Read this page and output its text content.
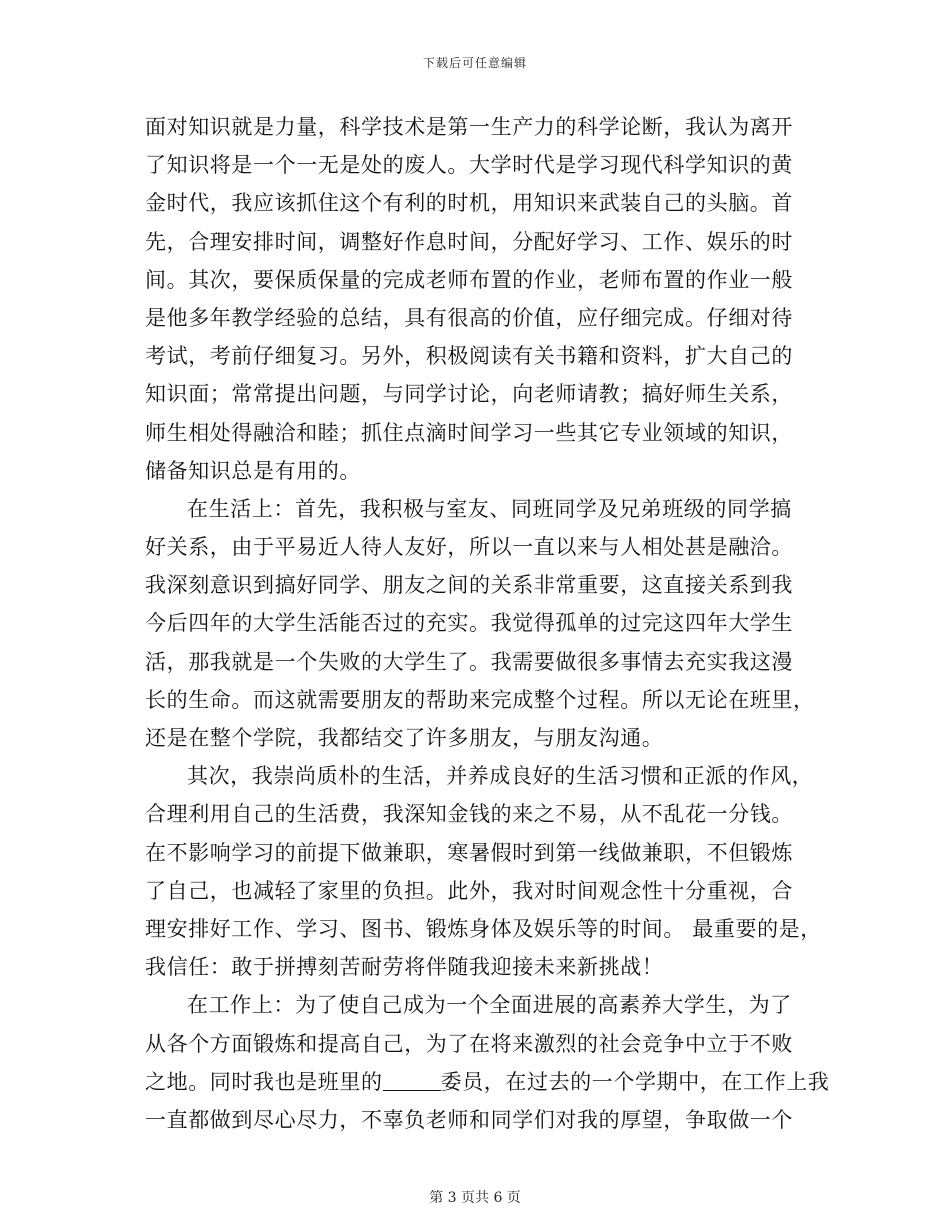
下载后可任意编辑
面对知识就是力量，科学技术是第一生产力的科学论断，我认为离开
了知识将是一个一无是处的废人。大学时代是学习现代科学知识的黄
金时代，我应该抓住这个有利的时机，用知识来武装自己的头脑。首
先，合理安排时间，调整好作息时间，分配好学习、工作、娱乐的时
间。其次，要保质保量的完成老师布置的作业，老师布置的作业一般
是他多年教学经验的总结，具有很高的价值，应仔细完成。仔细对待
考试，考前仔细复习。另外，积极阅读有关书籍和资料，扩大自己的
知识面；常常提出问题，与同学讨论，向老师请教；搞好师生关系，
师生相处得融洽和睦；抓住点滴时间学习一些其它专业领域的知识，
储备知识总是有用的。
在生活上：首先，我积极与室友、同班同学及兄弟班级的同学搞
好关系，由于平易近人待人友好，所以一直以来与人相处甚是融洽。
我深刻意识到搞好同学、朋友之间的关系非常重要，这直接关系到我
今后四年的大学生活能否过的充实。我觉得孤单的过完这四年大学生
活，那我就是一个失败的大学生了。我需要做很多事情去充实我这漫
长的生命。而这就需要朋友的帮助来完成整个过程。所以无论在班里，
还是在整个学院，我都结交了许多朋友，与朋友沟通。
其次，我崇尚质朴的生活，并养成良好的生活习惯和正派的作风，
合理利用自己的生活费，我深知金钱的来之不易，从不乱花一分钱。
在不影响学习的前提下做兼职，寒暑假时到第一线做兼职，不但锻炼
了自己，也减轻了家里的负担。此外，我对时间观念性十分重视，合
理安排好工作、学习、图书、锻炼身体及娱乐等的时间。 最重要的是，
我信任：敢于拼搏刻苦耐劳将伴随我迎接未来新挑战！
在工作上：为了使自己成为一个全面进展的高素养大学生，为了
从各个方面锻炼和提高自己，为了在将来激烈的社会竞争中立于不败
之地。同时我也是班里的	委员，在过去的一个学期中，在工作上我
一直都做到尽心尽力，不辜负老师和同学们对我的厚望，争取做一个
第 3 页共 6 页
